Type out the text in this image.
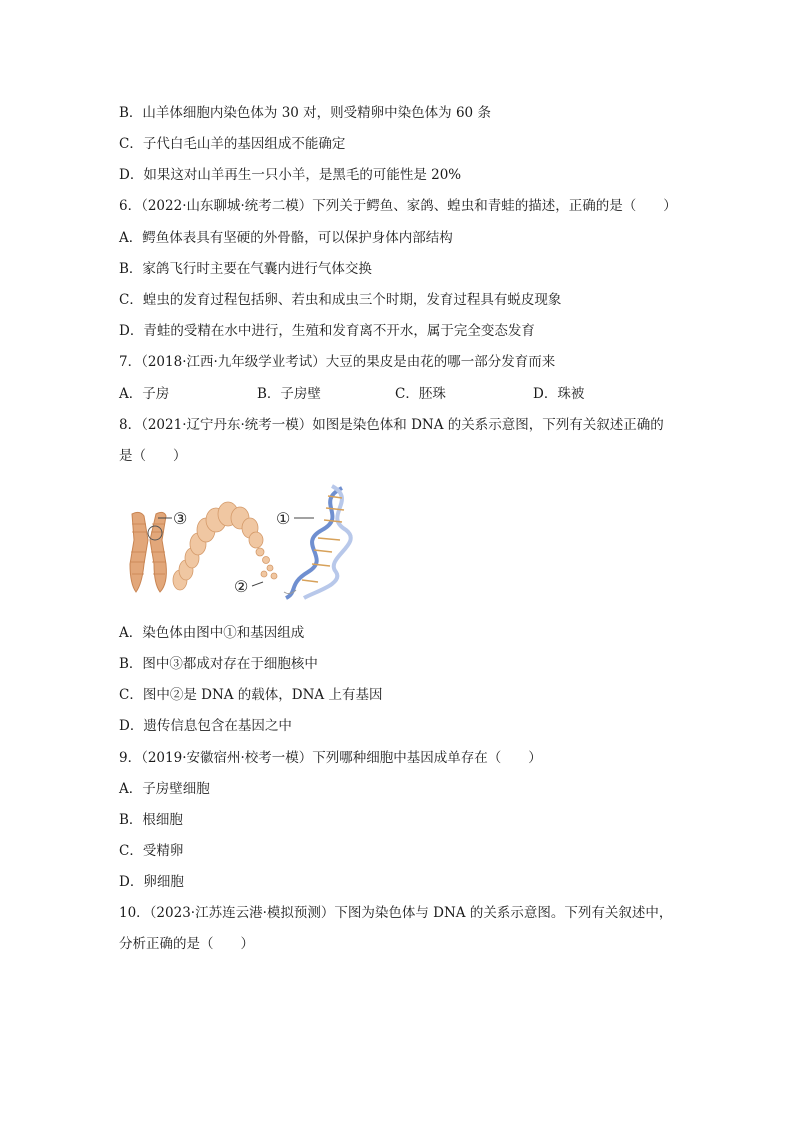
B．山羊体细胞内染色体为 30 对，则受精卵中染色体为 60 条
C．子代白毛山羊的基因组成不能确定
D．如果这对山羊再生一只小羊，是黑毛的可能性是 20%
6．（2022·山东聊城·统考二模）下列关于鳄鱼、家鸽、蝗虫和青蛙的描述，正确的是（　　）
A．鳄鱼体表具有坚硬的外骨骼，可以保护身体内部结构
B．家鸽飞行时主要在气囊内进行气体交换
C．蝗虫的发育过程包括卵、若虫和成虫三个时期，发育过程具有蜕皮现象
D．青蛙的受精在水中进行，生殖和发育离不开水，属于完全变态发育
7．（2018·江西·九年级学业考试）大豆的果皮是由花的哪一部分发育而来
A．子房	B．子房壁	C．胚珠	D．珠被
8．（2021·辽宁丹东·统考一模）如图是染色体和 DNA 的关系示意图，下列有关叙述正确的
是（　　）
③
②
①
A．染色体由图中①和基因组成
B．图中③都成对存在于细胞核中
C．图中②是 DNA 的载体，DNA 上有基因
D．遗传信息包含在基因之中
9．（2019·安徽宿州·校考一模）下列哪种细胞中基因成单存在（　　）
A．子房壁细胞
B．根细胞
C．受精卵
D．卵细胞
10．（2023·江苏连云港·模拟预测）下图为染色体与 DNA 的关系示意图。下列有关叙述中，
分析正确的是（　　）
